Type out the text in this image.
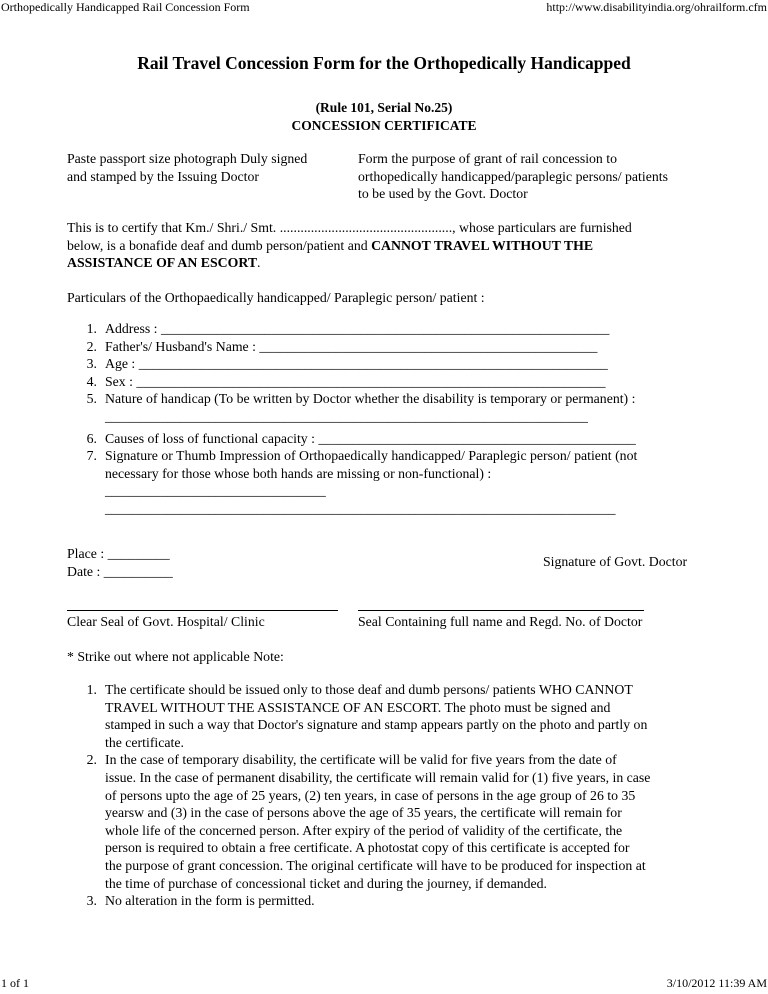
Orthopedically Handicapped Rail Concession Form	http://www.disabilityindia.org/ohrailform.cfm
Rail Travel Concession Form for the Orthopedically Handicapped
(Rule 101, Serial No.25)
CONCESSION CERTIFICATE
Paste passport size photograph Duly signed
and stamped by the Issuing Doctor
Form the purpose of grant of rail concession to
orthopedically handicapped/paraplegic persons/ patients
to be used by the Govt. Doctor
This is to certify that Km./ Shri./ Smt. .................................................., whose particulars are furnished
below, is a bonafide deaf and dumb person/patient and CANNOT TRAVEL WITHOUT THE
ASSISTANCE OF AN ESCORT.
Particulars of the Orthopaedically handicapped/ Paraplegic person/ patient :
1. Address : _________________________________________________________________
2. Father's/ Husband's Name : _________________________________________________
3. Age : ____________________________________________________________________
4. Sex : ____________________________________________________________________
5. Nature of handicap (To be written by Doctor whether the disability is temporary or permanent) :
______________________________________________________________________
6. Causes of loss of functional capacity : ______________________________________________
7. Signature or Thumb Impression of Orthopaedically handicapped/ Paraplegic person/ patient (not
necessary for those whose both hands are missing or non-functional) :
________________________________
__________________________________________________________________________
Place : _________
Date : __________
Signature of Govt. Doctor
Clear Seal of Govt. Hospital/ Clinic	Seal Containing full name and Regd. No. of Doctor
* Strike out where not applicable Note:
1. The certificate should be issued only to those deaf and dumb persons/ patients WHO CANNOT
TRAVEL WITHOUT THE ASSISTANCE OF AN ESCORT. The photo must be signed and
stamped in such a way that Doctor's signature and stamp appears partly on the photo and partly on
the certificate.
2. In the case of temporary disability, the certificate will be valid for five years from the date of
issue. In the case of permanent disability, the certificate will remain valid for (1) five years, in case
of persons upto the age of 25 years, (2) ten years, in case of persons in the age group of 26 to 35
yearsw and (3) in the case of persons above the age of 35 years, the certificate will remain for
whole life of the concerned person. After expiry of the period of validity of the certificate, the
person is required to obtain a free certificate. A photostat copy of this certificate is accepted for
the purpose of grant concession. The original certificate will have to be produced for inspection at
the time of purchase of concessional ticket and during the journey, if demanded.
3. No alteration in the form is permitted.
1 of 1	3/10/2012 11:39 AM
